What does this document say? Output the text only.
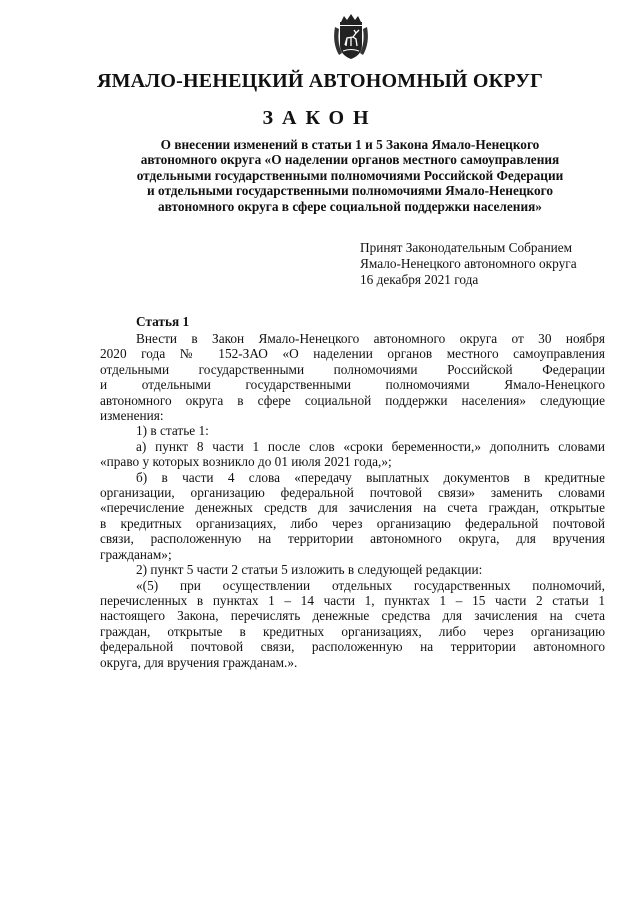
ЯМАЛО-НЕНЕЦКИЙ АВТОНОМНЫЙ ОКРУГ
ЗАКОН
О внесении изменений в статьи 1 и 5 Закона Ямало-Ненецкого
автономного округа «О наделении органов местного самоуправления
отдельными государственными полномочиями Российской Федерации
и отдельными государственными полномочиями Ямало-Ненецкого
автономного округа в сфере социальной поддержки населения»
Принят Законодательным Собранием
Ямало-Ненецкого автономного округа
16 декабря 2021 года
Статья 1
Внести в Закон Ямало-Ненецкого автономного округа от 30 ноября
2020 года № 152-ЗАО «О наделении органов местного самоуправления
отдельными государственными полномочиями Российской Федерации
и отдельными государственными полномочиями Ямало-Ненецкого
автономного округа в сфере социальной поддержки населения» следующие
изменения:
1) в статье 1:
а) пункт 8 части 1 после слов «сроки беременности,» дополнить словами
«право у которых возникло до 01 июля 2021 года,»;
б) в части 4 слова «передачу выплатных документов в кредитные
организации, организацию федеральной почтовой связи» заменить словами
«перечисление денежных средств для зачисления на счета граждан, открытые
в кредитных организациях, либо через организацию федеральной почтовой
связи, расположенную на территории автономного округа, для вручения
гражданам»;
2) пункт 5 части 2 статьи 5 изложить в следующей редакции:
«(5) при осуществлении отдельных государственных полномочий,
перечисленных в пунктах 1 – 14 части 1, пунктах 1 – 15 части 2 статьи 1
настоящего Закона, перечислять денежные средства для зачисления на счета
граждан, открытые в кредитных организациях, либо через организацию
федеральной почтовой связи, расположенную на территории автономного
округа, для вручения гражданам.».
